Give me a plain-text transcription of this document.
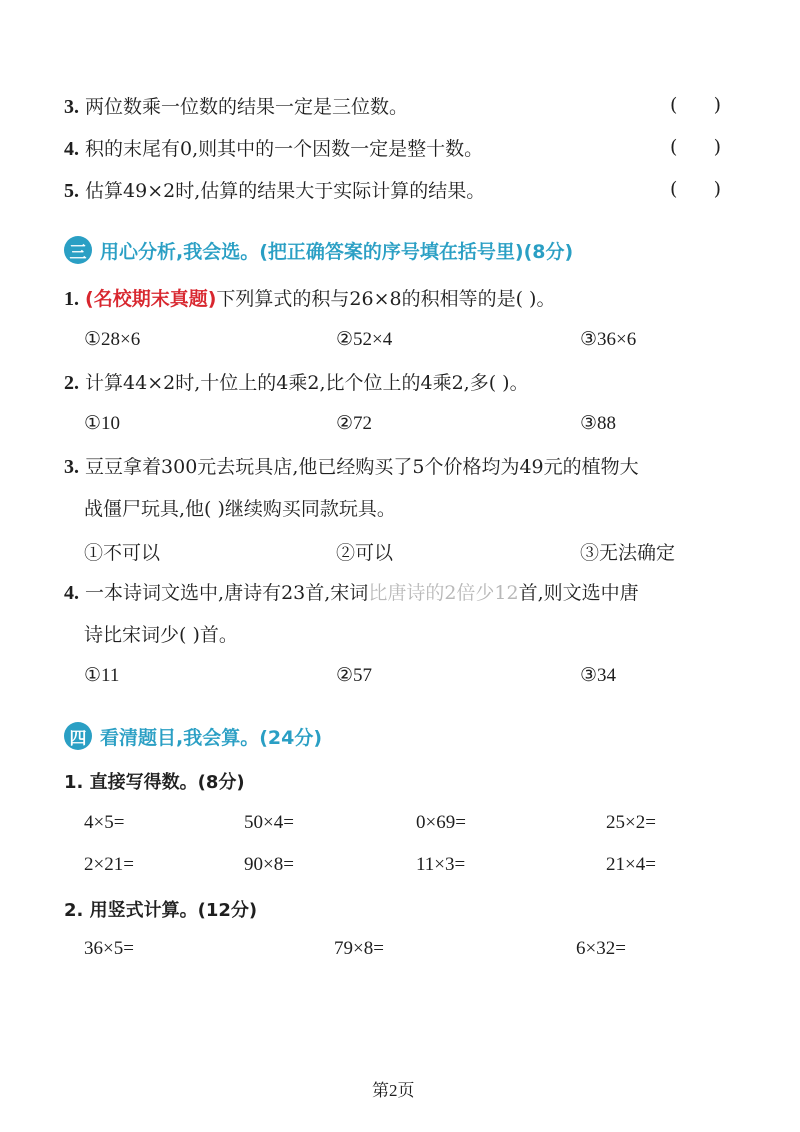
3. 两位数乘一位数的结果一定是三位数。	(      )
4. 积的末尾有0,则其中的一个因数一定是整十数。	(      )
5. 估算49×2时,估算的结果大于实际计算的结果。	(      )
三 用心分析,我会选。(把正确答案的序号填在括号里)(8分)
1. (名校期末真题)下列算式的积与26×8的积相等的是( )。
①28×6	②52×4	③36×6
2. 计算44×2时,十位上的4乘2,比个位上的4乘2,多( )。
①10	②72	③88
3. 豆豆拿着300元去玩具店,他已经购买了5个价格均为49元的植物大
战僵尸玩具,他( )继续购买同款玩具。
①不可以	②可以	③无法确定
4. 一本诗词文选中,唐诗有23首,宋词比唐诗的2倍少12首,则文选中唐
诗比宋词少( )首。
①11	②57	③34
四 看清题目,我会算。(24分)
1. 直接写得数。(8分)
4×5=	50×4=	0×69=	25×2=
2×21=	90×8=	11×3=	21×4=
2. 用竖式计算。(12分)
36×5=	79×8=	6×32=
第2页
